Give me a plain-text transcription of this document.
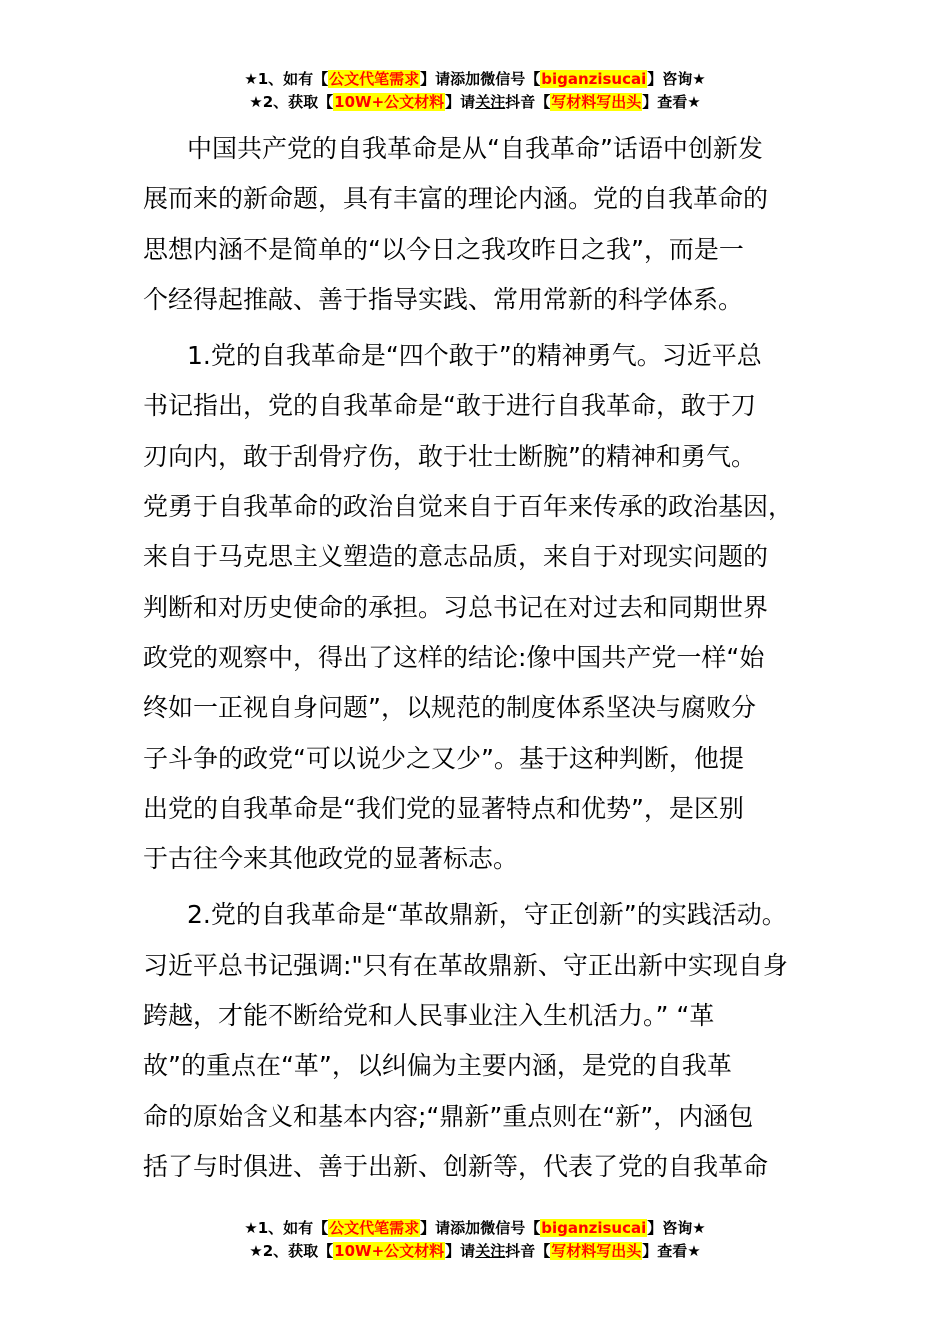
★1、如有【公文代笔需求】请添加微信号【biganzisucai】咨询★
★2、获取【10W+公文材料】请关注抖音【写材料写出头】查看★
中国共产党的自我革命是从“自我革命”话语中创新发
展而来的新命题，具有丰富的理论内涵。党的自我革命的
思想内涵不是简单的“以今日之我攻昨日之我”，而是一
个经得起推敲、善于指导实践、常用常新的科学体系。
1.党的自我革命是“四个敢于”的精神勇气。习近平总
书记指出，党的自我革命是“敢于进行自我革命，敢于刀
刃向内，敢于刮骨疗伤，敢于壮士断腕”的精神和勇气。
党勇于自我革命的政治自觉来自于百年来传承的政治基因，
来自于马克思主义塑造的意志品质，来自于对现实问题的
判断和对历史使命的承担。习总书记在对过去和同期世界
政党的观察中，得出了这样的结论:像中国共产党一样“始
终如一正视自身问题”，以规范的制度体系坚决与腐败分
子斗争的政党“可以说少之又少”。基于这种判断，他提
出党的自我革命是“我们党的显著特点和优势”，是区别
于古往今来其他政党的显著标志。
2.党的自我革命是“革故鼎新，守正创新”的实践活动。
习近平总书记强调:"只有在革故鼎新、守正出新中实现自身
跨越，才能不断给党和人民事业注入生机活力。” “革
故”的重点在“革”，以纠偏为主要内涵，是党的自我革
命的原始含义和基本内容;“鼎新”重点则在“新”，内涵包
括了与时俱进、善于出新、创新等，代表了党的自我革命
★1、如有【公文代笔需求】请添加微信号【biganzisucai】咨询★
★2、获取【10W+公文材料】请关注抖音【写材料写出头】查看★
